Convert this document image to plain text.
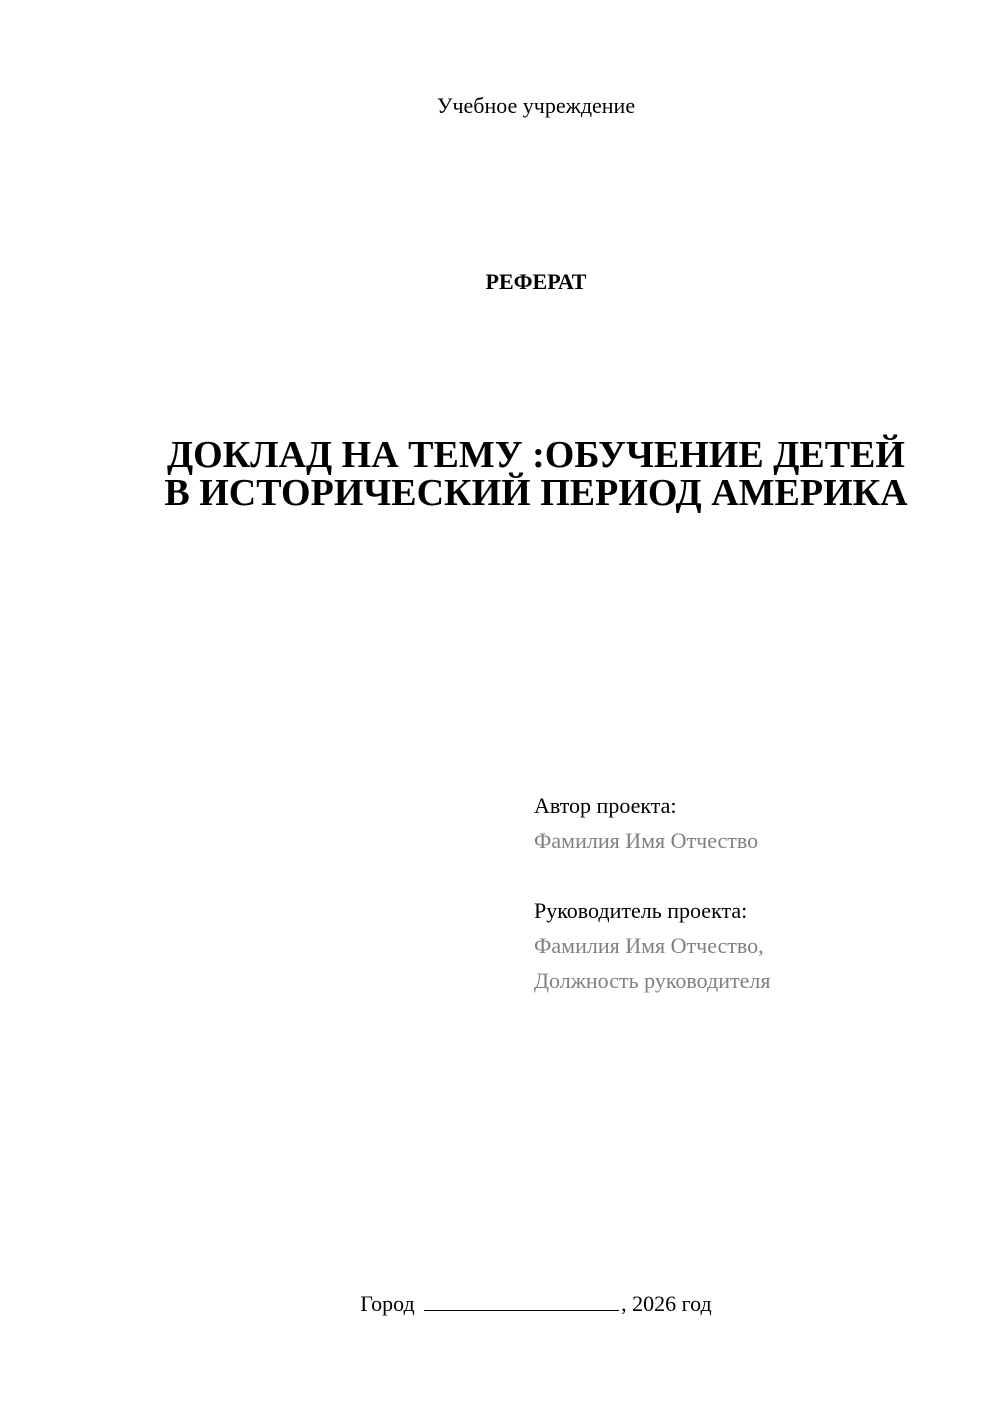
Учебное учреждение
РЕФЕРАТ
ДОКЛАД НА ТЕМУ :ОБУЧЕНИЕ ДЕТЕЙ
В ИСТОРИЧЕСКИЙ ПЕРИОД АМЕРИКА
Автор проекта:
Фамилия Имя Отчество
Руководитель проекта:
Фамилия Имя Отчество,
Должность руководителя
Город	, 2026 год
